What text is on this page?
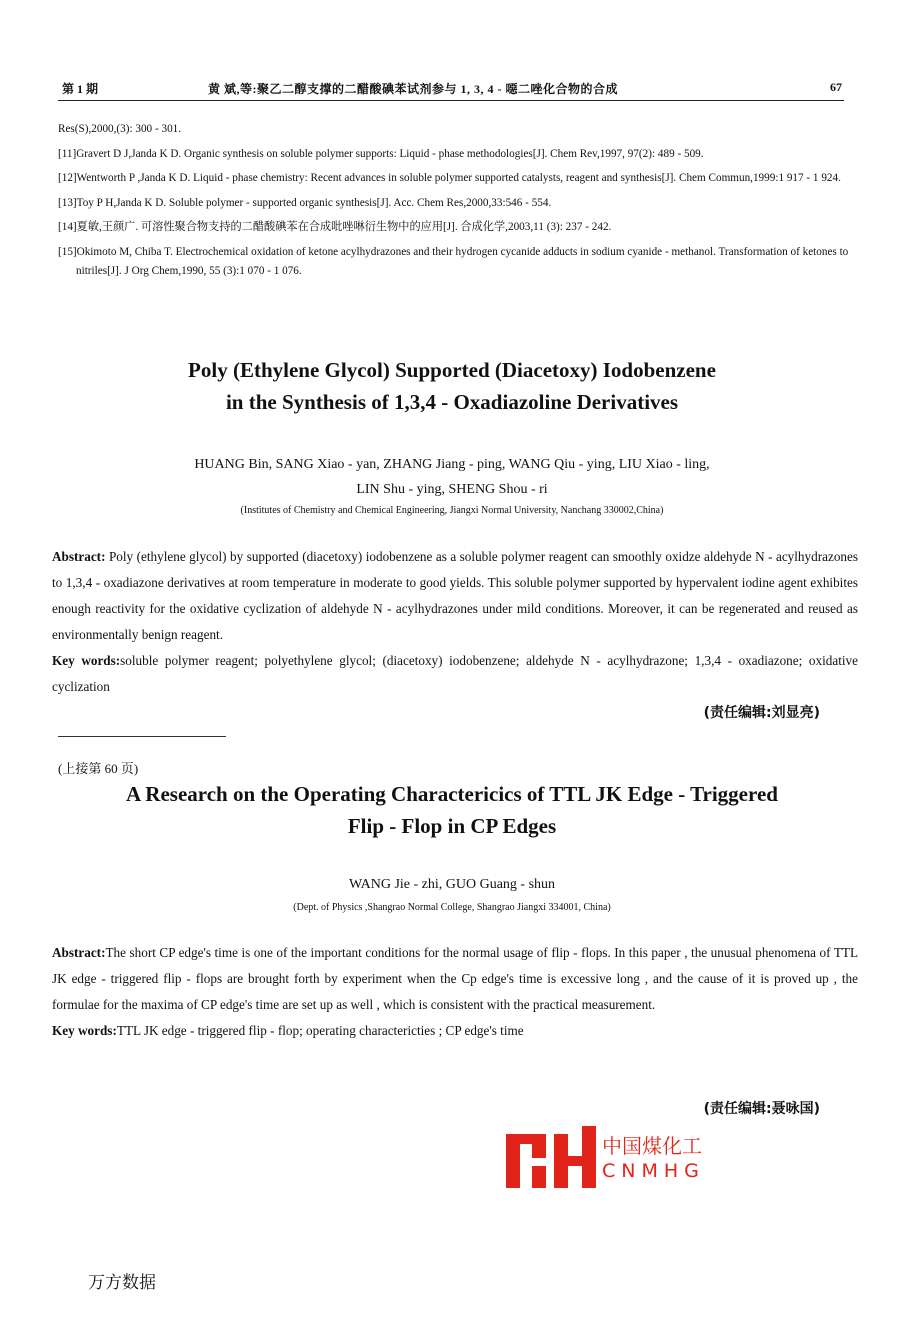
第 1 期	黄 斌,等:聚乙二醇支撑的二醋酸碘苯试剂参与 1, 3, 4 - 噁二唑化合物的合成	67

Res(S),2000,(3): 300 - 301.

[11]Gravert D J,Janda K D. Organic synthesis on soluble polymer supports: Liquid - phase methodologies[J]. Chem Rev,1997, 97(2): 489 - 509.

[12]Wentworth P ,Janda K D. Liquid - phase chemistry: Recent advances in soluble polymer supported catalysts, reagent and synthesis[J]. Chem Commun,1999:1 917 - 1 924.

[13]Toy P H,Janda K D. Soluble polymer - supported organic synthesis[J]. Acc. Chem Res,2000,33:546 - 554.

[14]夏敏,王颜广. 可溶性聚合物支持的二醋酸碘苯在合成吡唑啉衍生物中的应用[J]. 合成化学,2003,11 (3): 237 - 242.

[15]Okimoto M, Chiba T. Electrochemical oxidation of ketone acylhydrazones and their hydrogen cycanide adducts in sodium cyanide - methanol. Transformation of ketones to nitriles[J]. J Org Chem,1990, 55 (3):1 070 - 1 076.

Poly (Ethylene Glycol) Supported (Diacetoxy) Iodobenzene
in the Synthesis of 1,3,4 - Oxadiazoline Derivatives
HUANG Bin, SANG Xiao - yan, ZHANG Jiang - ping, WANG Qiu - ying, LIU Xiao - ling,
LIN Shu - ying, SHENG Shou - ri
(Institutes of Chemistry and Chemical Engineering, Jiangxi Normal University, Nanchang 330002,China)
Abstract: Poly (ethylene glycol) by supported (diacetoxy) iodobenzene as a soluble polymer reagent can smoothly oxidze aldehyde N - acylhydrazones to 1,3,4 - oxadiazone derivatives at room temperature in moderate to good yields. This soluble polymer supported by hypervalent iodine agent exhibites enough reactivity for the oxidative cyclization of aldehyde N - acylhydrazones under mild conditions. Moreover, it can be regenerated and reused as environmentally benign reagent.
Key words:soluble polymer reagent; polyethylene glycol; (diacetoxy) iodobenzene; aldehyde N - acylhydrazone; 1,3,4 - oxadiazone; oxidative cyclization
(责任编辑:刘显亮)
(上接第 60 页)
A Research on the Operating Charactericics of TTL JK Edge - Triggered
Flip - Flop in CP Edges
WANG Jie - zhi, GUO Guang - shun
(Dept. of Physics ,Shangrao Normal College, Shangrao Jiangxi 334001, China)
Abstract:The short CP edge's time is one of the important conditions for the normal usage of flip - flops. In this paper , the unusual phenomena of TTL JK edge - triggered flip - flops are brought forth by experiment when the Cp edge's time is excessive long , and the cause of it is proved up , the formulae for the maxima of CP edge's time are set up as well , which is consistent with the practical measurement.
Key words:TTL JK edge - triggered flip - flop; operating charactericties ; CP edge's time
(责任编辑:聂咏国)
中国煤化工
CNMHG
万方数据
